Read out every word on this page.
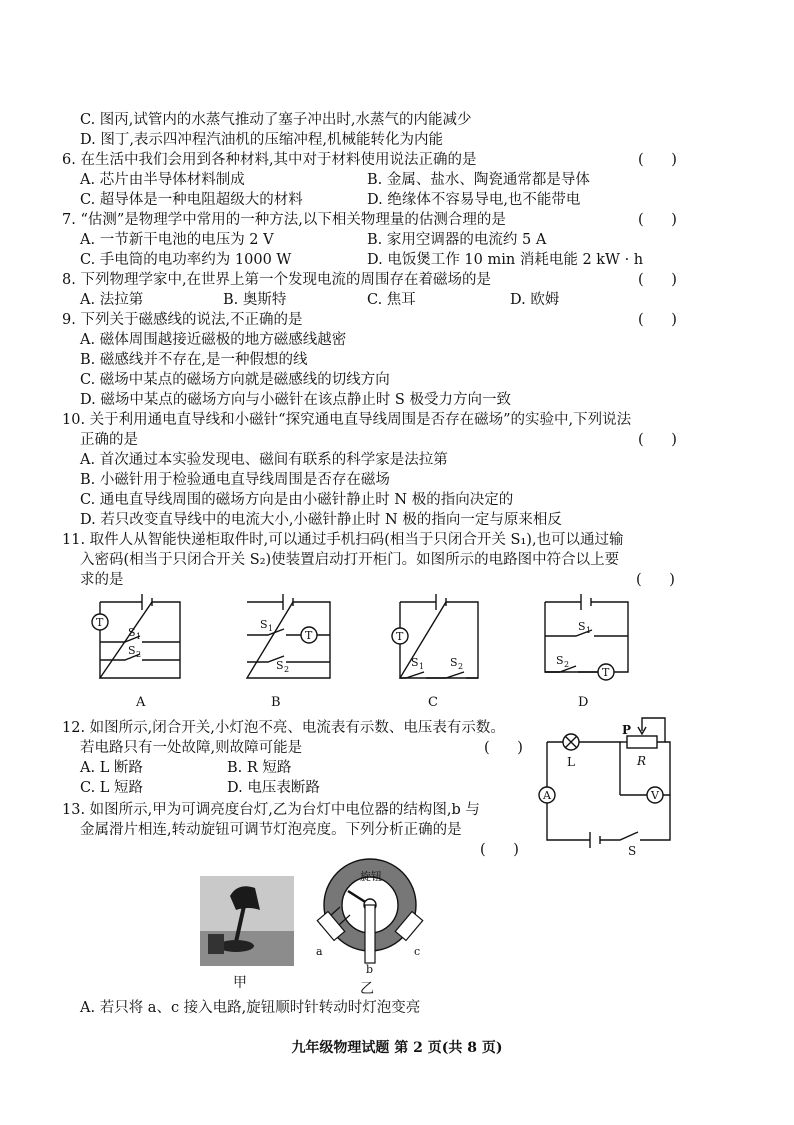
C. 图丙,试管内的水蒸气推动了塞子冲出时,水蒸气的内能减少
D. 图丁,表示四冲程汽油机的压缩冲程,机械能转化为内能
6. 在生活中我们会用到各种材料,其中对于材料使用说法正确的是	(      )
A. 芯片由半导体材料制成	B. 金属、盐水、陶瓷通常都是导体
C. 超导体是一种电阻超级大的材料	D. 绝缘体不容易导电,也不能带电
7. “估测”是物理学中常用的一种方法,以下相关物理量的估测合理的是	(      )
A. 一节新干电池的电压为 2 V	B. 家用空调器的电流约 5 A
C. 手电筒的电功率约为 1000 W	D. 电饭煲工作 10 min 消耗电能 2 kW · h
8. 下列物理学家中,在世界上第一个发现电流的周围存在着磁场的是	(      )
A. 法拉第	B. 奥斯特	C. 焦耳	D. 欧姆
9. 下列关于磁感线的说法,不正确的是	(      )
A. 磁体周围越接近磁极的地方磁感线越密
B. 磁感线并不存在,是一种假想的线
C. 磁场中某点的磁场方向就是磁感线的切线方向
D. 磁场中某点的磁场方向与小磁针在该点静止时 S 极受力方向一致
10. 关于利用通电直导线和小磁针“探究通电直导线周围是否存在磁场”的实验中,下列说法
正确的是	(      )
A. 首次通过本实验发现电、磁间有联系的科学家是法拉第
B. 小磁针用于检验通电直导线周围是否存在磁场
C. 通电直导线周围的磁场方向是由小磁针静止时 N 极的指向决定的
D. 若只改变直导线中的电流大小,小磁针静止时 N 极的指向一定与原来相反
11. 取件人从智能快递柜取件时,可以通过手机扫码(相当于只闭合开关 S₁),也可以通过输
入密码(相当于只闭合开关 S₂)使装置启动打开柜门。如图所示的电路图中符合以上要
求的是	(      )
T
S 1
S 2
T
S 1
S 2
T
S 1 S 2	T
S 1
S 2
A	B	C	D
12. 如图所示,闭合开关,小灯泡不亮、电流表有示数、电压表有示数。
若电路只有一处故障,则故障可能是	(      )
A. L 断路	B. R 短路
C. L 短路	D. 电压表断路
P
R
L
A	V
S
13. 如图所示,甲为可调亮度台灯,乙为台灯中电位器的结构图,b 与
金属滑片相连,转动旋钮可调节灯泡亮度。下列分析正确的是
(      )
甲
旋钮
a
b
c
乙
A. 若只将 a、c 接入电路,旋钮顺时针转动时灯泡变亮
九年级物理试题 第 2 页(共 8 页)
